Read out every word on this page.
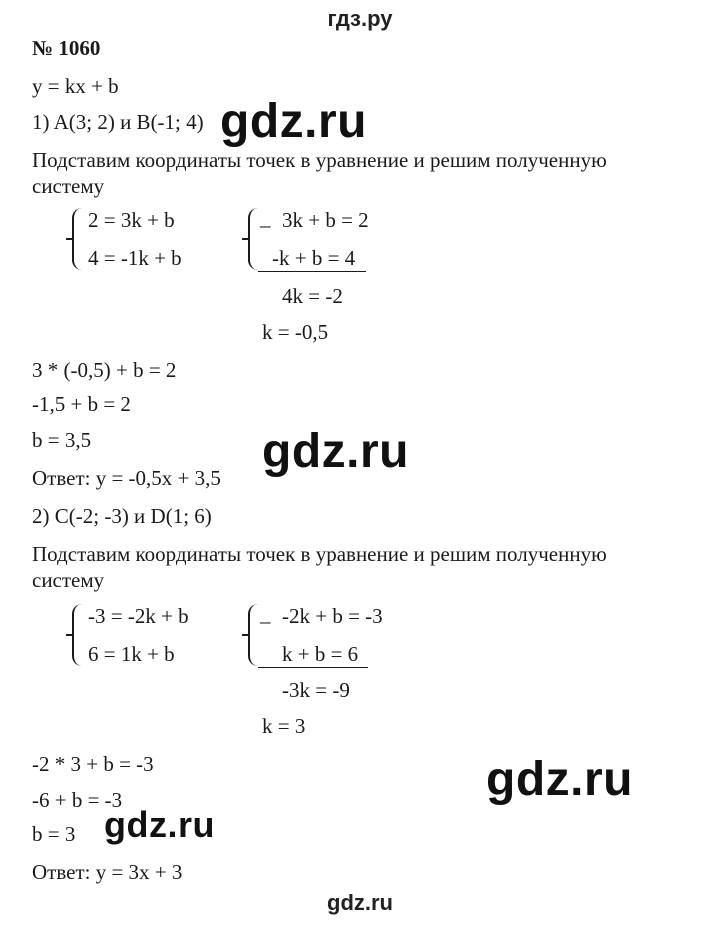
гдз.ру
№ 1060
y = kx + b
1) A(3; 2) и B(-1; 4) gdz.ru
Подставим координаты точек в уравнение и решим полученную
систему
2 = 3k + b
4 = -1k + b
_ 3k + b = 2
-k + b = 4
4k = -2
k = -0,5
3 * (-0,5) + b = 2
-1,5 + b = 2
b = 3,5	gdz.ru
Ответ: y = -0,5x + 3,5
2) C(-2; -3) и D(1; 6)
Подставим координаты точек в уравнение и решим полученную
систему
-3 = -2k + b
6 = 1k + b
_ -2k + b = -3
k + b = 6
-3k = -9
k = 3
-2 * 3 + b = -3	gdz.ru
-6 + b = -3
b = 3 gdz.ru
Ответ: y = 3x + 3
gdz.ru
